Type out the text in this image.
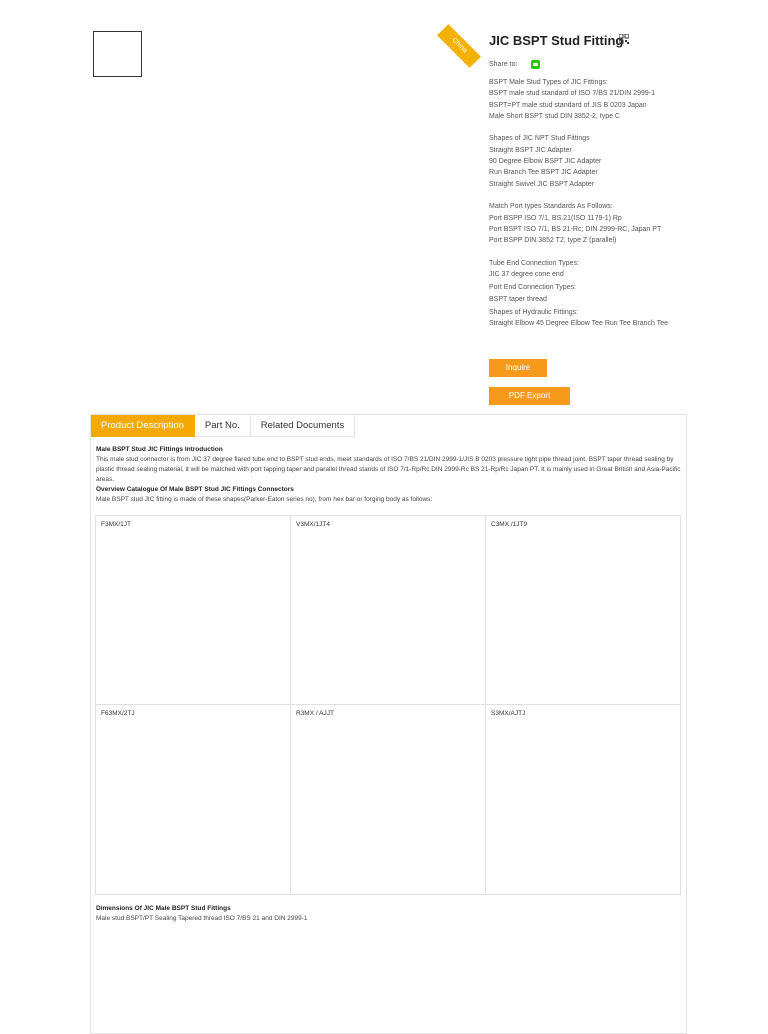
China	JIC BSPT Stud Fitting
Share to:
BSPT Male Stud Types of JIC Fittings:
BSPT male stud standard of ISO 7/BS 21/DIN 2999-1
BSPT=PT male stud standard of JIS B 0203 Japan
Male Short BSPT stud DIN 3852-2, type C
Shapes of JIC NPT Stud Fittings
Straight BSPT JIC Adapter
90 Degree Elbow BSPT JIC Adapter
Run Branch Tee BSPT JIC Adapter
Straight Swivel JIC BSPT Adapter
Match Port types Standards As Follows:
Port BSPP ISO 7/1, BS 21(ISO 1179-1) Rp
Port BSPT ISO 7/1, BS 21-Rc; DIN 2999-RC, Japan PT
Port BSPP DIN 3852 T2, type Z (parallel)
Tube End Connection Types:
JIC 37 degree cone end
Port End Connection Types:
BSPT taper thread
Shapes of Hydraulic Fittings:
Straight Elbow 45 Degree Elbow Tee Run Tee Branch Tee
Inquire
PDF Export
Product Description	Part No.	Related Documents
Male BSPT Stud JIC Fittings Introduction
This male stud connector is from JIC 37 degree flared tube end to BSPT stud ends, meet standards of ISO 7/BS 21/DIN 2999-1/JIS B 0203 pressure tight pipe thread joint. BSPT taper thread sealing by plastic thread sealing material, it will be matched with port tapping taper and parallel thread stands of ISO 7/1-Rp/Rc DIN 2999-Rc BS 21-Rp/Rc Japan PT. It is mainly used in Great British and Asia-Pacific areas.
Overview Catalogue Of Male BSPT Stud JIC Fittings Connectors
Male BSPT stud JIC fitting is made of these shapes(Parker-Eaton series no), from hex bar or forging body as follows:
F3MX/1JT	V3MX/1JT4	C3MX /1JT9
F63MX/2TJ	R3MX / AJJT	S3MX/AJTJ
Dimensions Of JIC Male BSPT Stud Fittings
Male stud BSPT/PT Sealing Tapered thread ISO 7/BS 21 and DIN 2999-1
